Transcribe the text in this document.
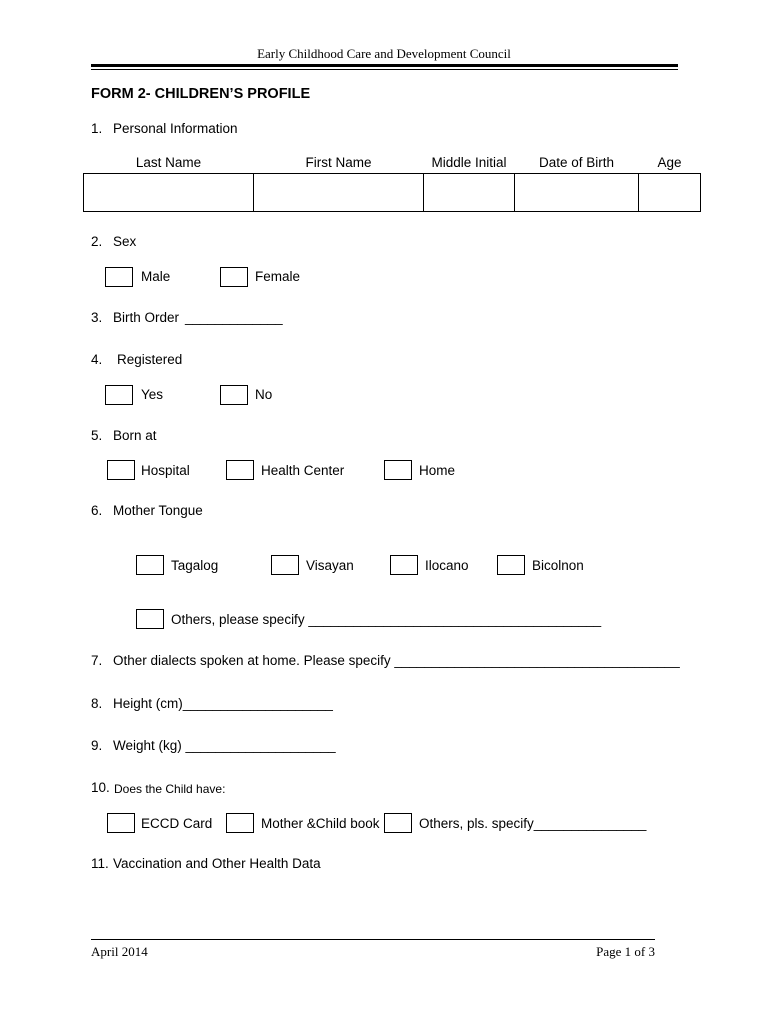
Early Childhood Care and Development Council
FORM 2- CHILDREN’S PROFILE
1. Personal Information
Last Name	First Name	Middle Initial	Date of Birth	Age

2. Sex
Male	Female
3. Birth Order _____________
4. Registered
Yes	No
5. Born at
Hospital	Health Center	Home
6. Mother Tongue
Tagalog	Visayan	Ilocano	Bicolnon
Others, please specify _______________________________________
7. Other dialects spoken at home. Please specify ______________________________________
8. Height (cm)____________________
9. Weight (kg) ____________________
10. Does the Child have:
ECCD Card	Mother &Child book	Others, pls. specify_______________
11. Vaccination and Other Health Data
April 2014	Page 1 of 3
